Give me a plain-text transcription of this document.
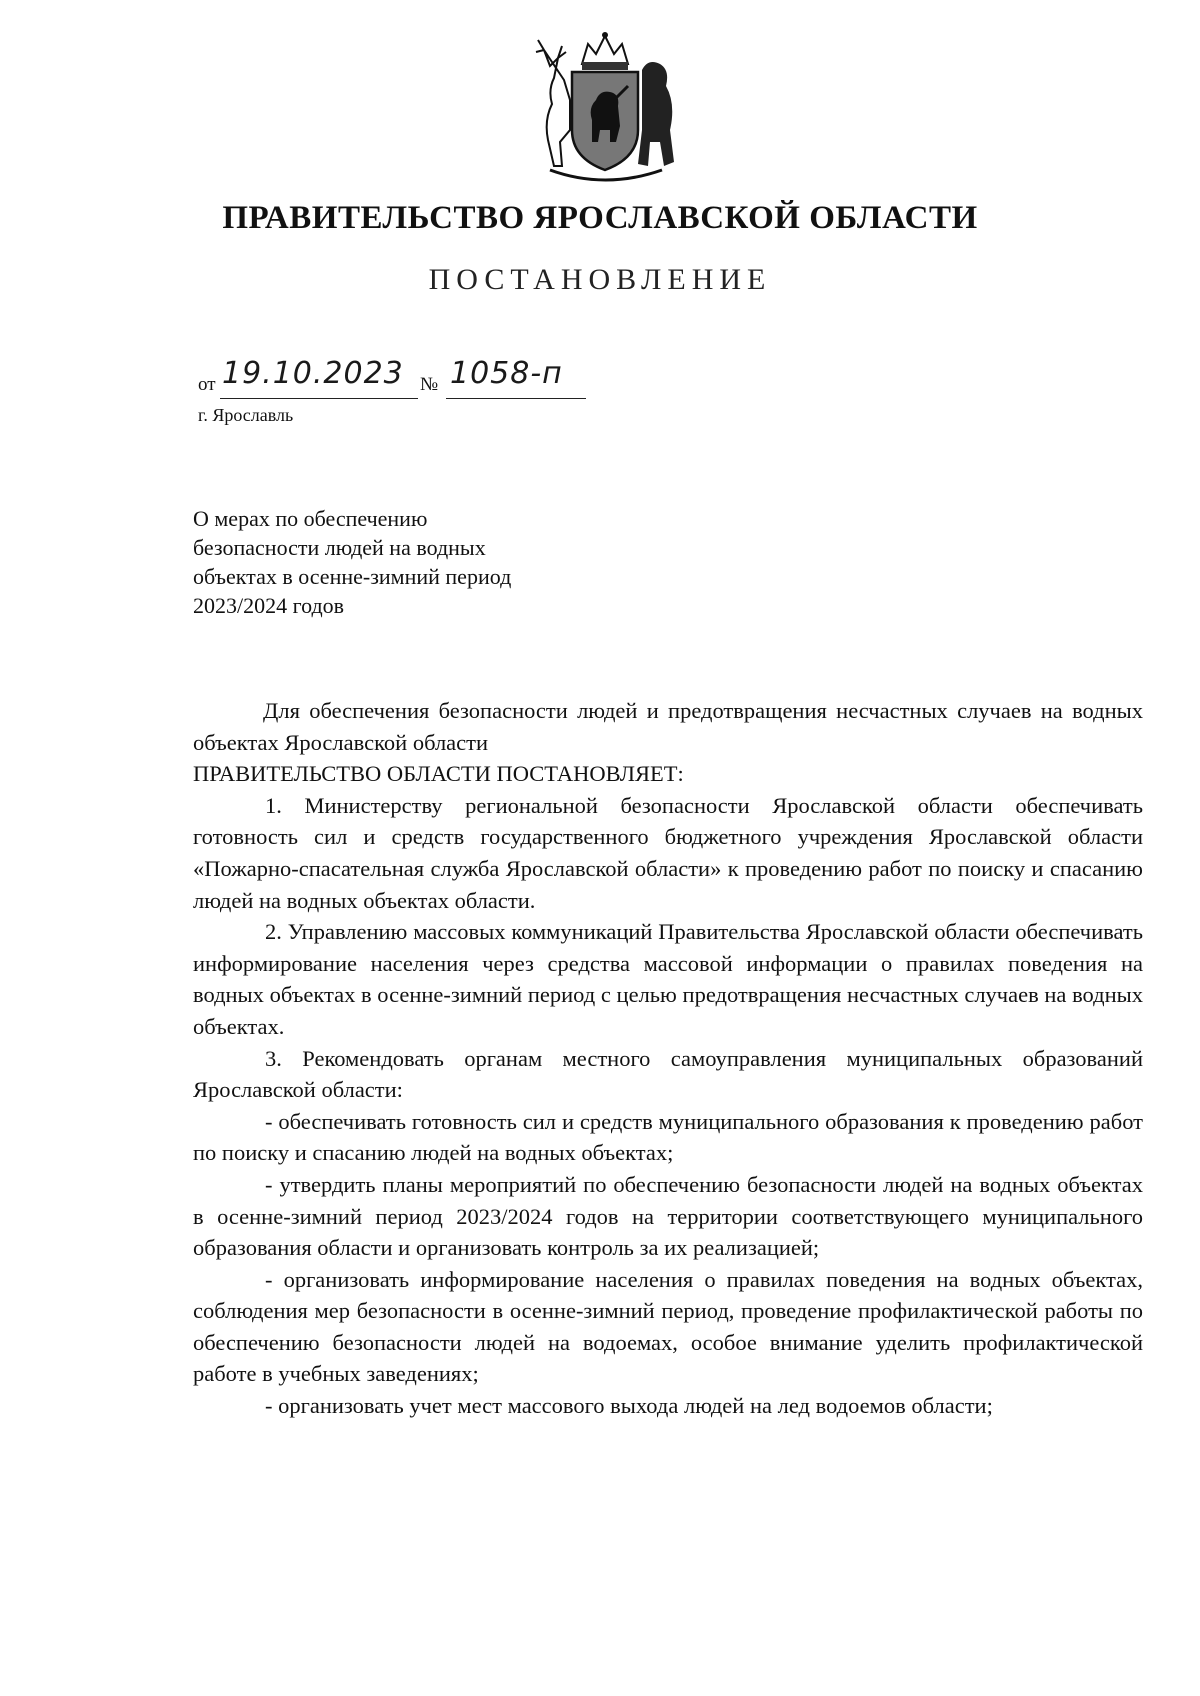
ПРАВИТЕЛЬСТВО ЯРОСЛАВСКОЙ ОБЛАСТИ
ПОСТАНОВЛЕНИЕ
от 19.10.2023 № 1058-п
г. Ярославль
О мерах по обеспечению
безопасности людей на водных
объектах в осенне-зимний период
2023/2024 годов

Для обеспечения безопасности людей и предотвращения несчастных случаев на водных объектах Ярославской области

ПРАВИТЕЛЬСТВО ОБЛАСТИ ПОСТАНОВЛЯЕТ:

1. Министерству региональной безопасности Ярославской области обеспечивать готовность сил и средств государственного бюджетного учреждения Ярославской области «Пожарно-спасательная служба Ярославской области» к проведению работ по поиску и спасанию людей на водных объектах области.

2. Управлению массовых коммуникаций Правительства Ярославской области обеспечивать информирование населения через средства массовой информации о правилах поведения на водных объектах в осенне-зимний период с целью предотвращения несчастных случаев на водных объектах.

3. Рекомендовать органам местного самоуправления муниципальных образований Ярославской области:

- обеспечивать готовность сил и средств муниципального образования к проведению работ по поиску и спасанию людей на водных объектах;

- утвердить планы мероприятий по обеспечению безопасности людей на водных объектах в осенне-зимний период 2023/2024 годов на территории соответствующего муниципального образования области и организовать контроль за их реализацией;

- организовать информирование населения о правилах поведения на водных объектах, соблюдения мер безопасности в осенне-зимний период, проведение профилактической работы по обеспечению безопасности людей на водоемах, особое внимание уделить профилактической работе в учебных заведениях;

- организовать учет мест массового выхода людей на лед водоемов области;
